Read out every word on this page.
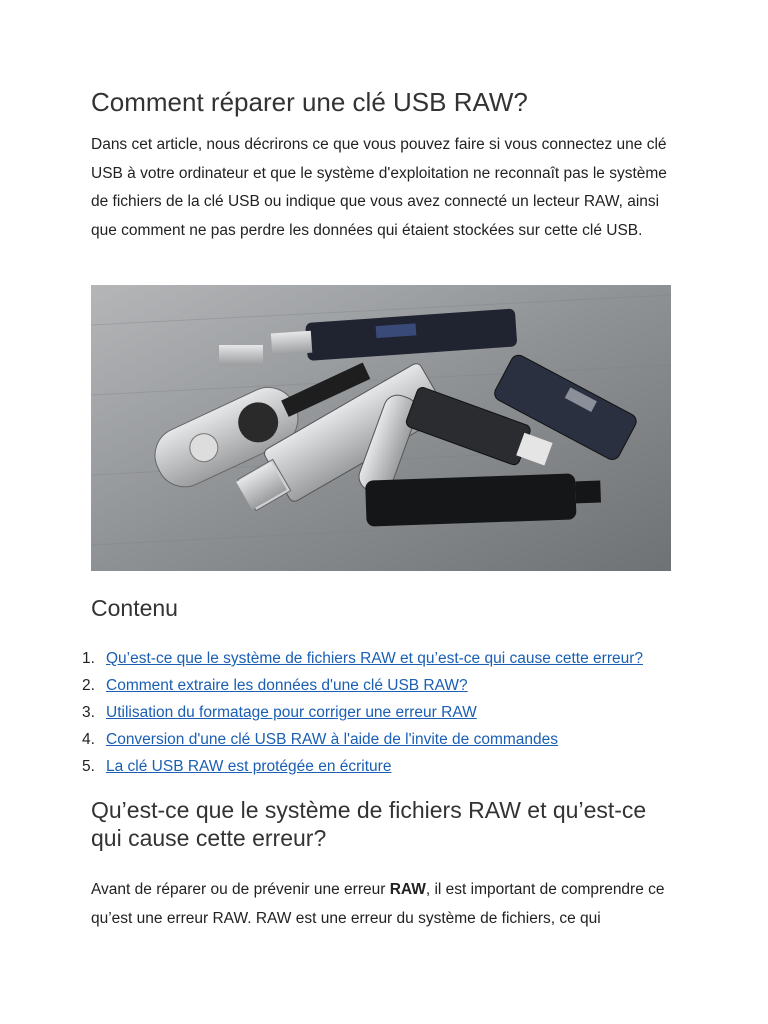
Comment réparer une clé USB RAW?

Dans cet article, nous décrirons ce que vous pouvez faire si vous connectez une clé USB à votre ordinateur et que le système d'exploitation ne reconnaît pas le système de fichiers de la clé USB ou indique que vous avez connecté un lecteur RAW, ainsi que comment ne pas perdre les données qui étaient stockées sur cette clé USB.

Contenu
1. Qu’est-ce que le système de fichiers RAW et qu’est-ce qui cause cette erreur?
2. Comment extraire les données d'une clé USB RAW?
3. Utilisation du formatage pour corriger une erreur RAW
4. Conversion d'une clé USB RAW à l'aide de l'invite de commandes
5. La clé USB RAW est protégée en écriture
Qu’est-ce que le système de fichiers RAW et qu’est-ce qui cause cette erreur?

Avant de réparer ou de prévenir une erreur RAW, il est important de comprendre ce qu’est une erreur RAW. RAW est une erreur du système de fichiers, ce qui
